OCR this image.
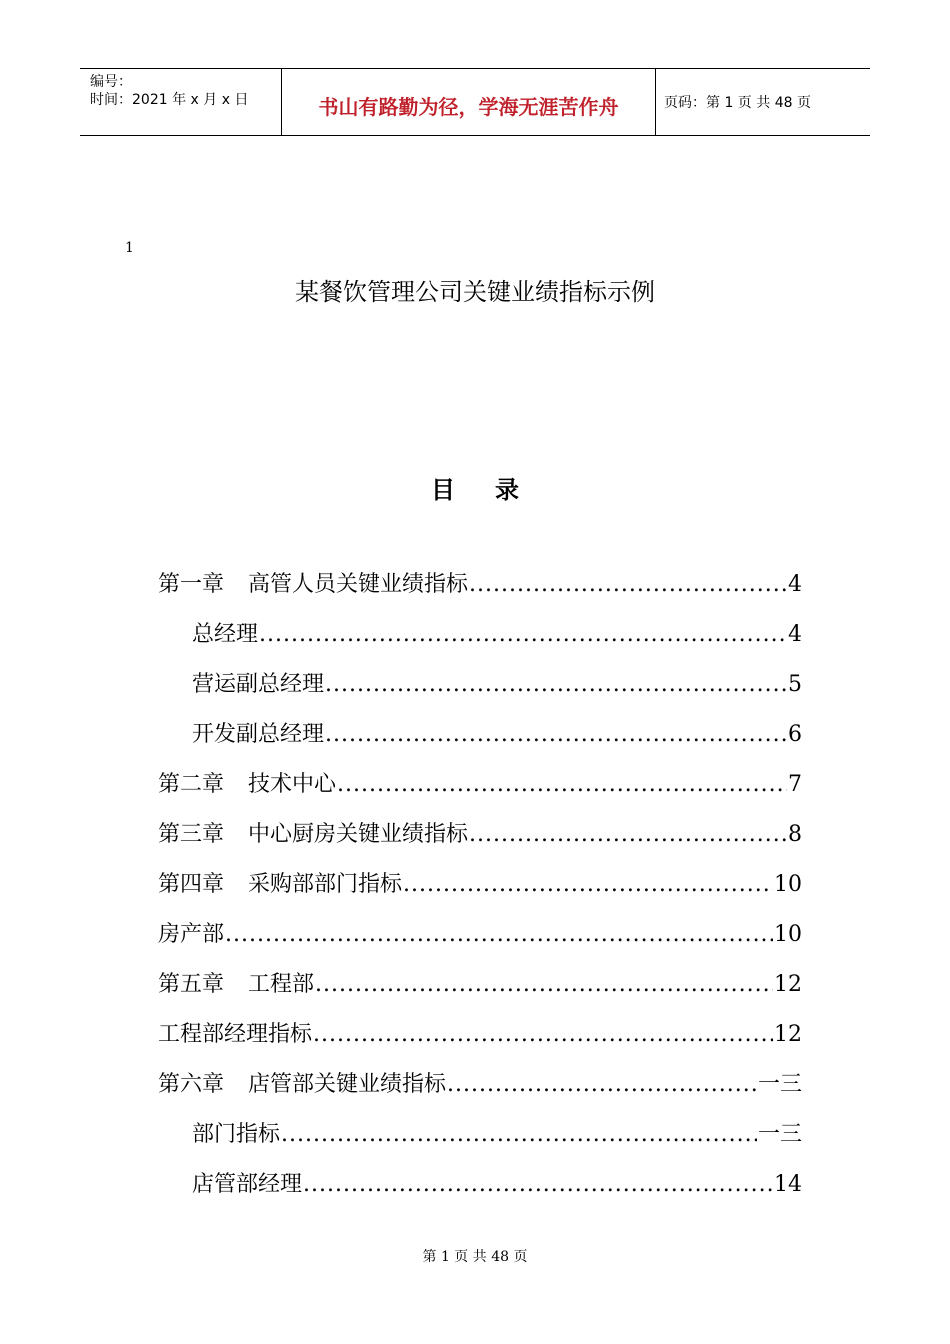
编号：
时间：2021 年 x 月 x 日	书山有路勤为径，学海无涯苦作舟	页码：第 1 页 共 48 页
1
某餐饮管理公司关键业绩指标示例
目录
第一章 高管人员关键业绩指标 .....	4
总经理 .....	4
营运副总经理 .....	5
开发副总经理 .....	6
第二章 技术中心 .....	7
第三章 中心厨房关键业绩指标 .....	8
第四章 采购部部门指标 .....	10
房产部 .....	10
第五章 工程部 .....	12
工程部经理指标 .....	12
第六章 店管部关键业绩指标 .....	一三
部门指标 .....	一三
店管部经理 .....	14
第 1 页 共 48 页
